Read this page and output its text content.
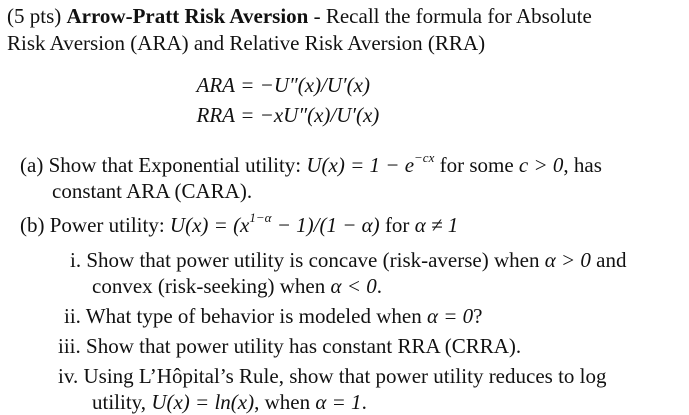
(5 pts) Arrow-Pratt Risk Aversion - Recall the formula for Absolute
Risk Aversion (ARA) and Relative Risk Aversion (RRA)
ARA = −U″(x)/U′(x)
RRA = −xU″(x)/U′(x)
(a) Show that Exponential utility: $U(x) = 1 - e^{-cx}$ for some c > 0, has
constant ARA (CARA).
(b) Power utility: $U(x) = (x^{1-\alpha} - 1)/(1 - \alpha)$ for α ≠ 1
i. Show that power utility is concave (risk-averse) when α > 0 and
convex (risk-seeking) when α < 0.
ii. What type of behavior is modeled when α = 0?
iii. Show that power utility has constant RRA (CRRA).
iv. Using L’Hôpital’s Rule, show that power utility reduces to log
utility, U(x) = ln(x), when α = 1.
